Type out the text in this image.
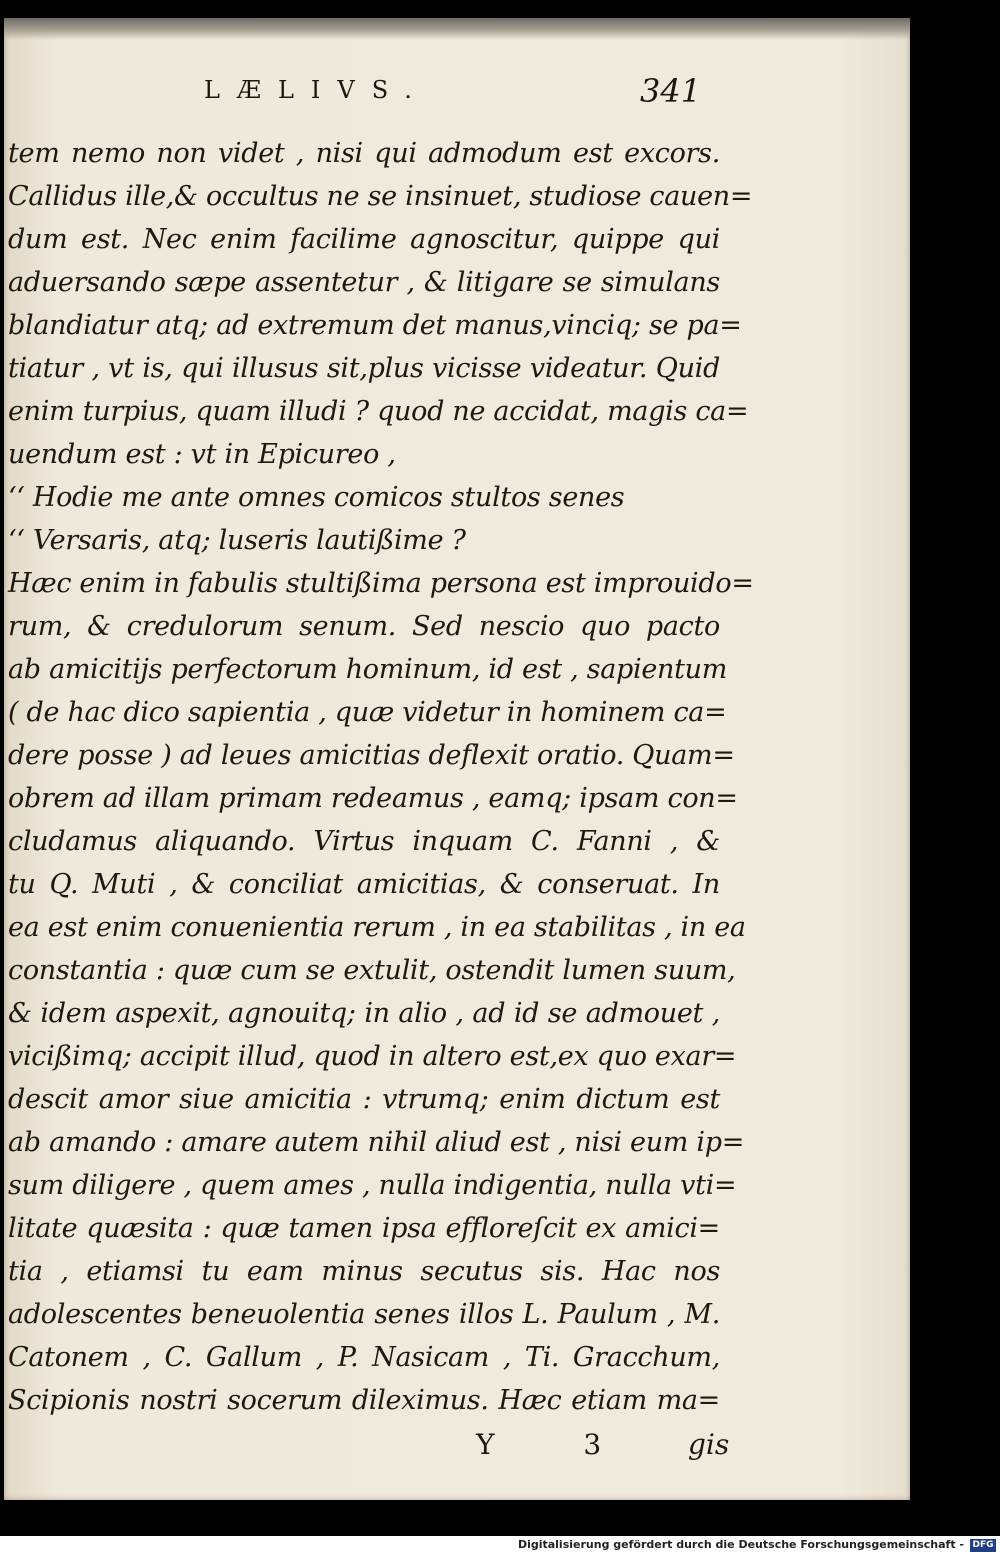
LÆLIVS.	341
tem nemo non videt , nisi qui admodum est excors.
Callidus ille,& occultus ne se insinuet, studiose cauen=
dum est. Nec enim facilime agnoscitur, quippe qui
aduersando sæpe assentetur , & litigare se simulans
blandiatur atq; ad extremum det manus,vinciq; se pa=
tiatur , vt is, qui illusus sit,plus vicisse videatur. Quid
enim turpius, quam illudi ? quod ne accidat, magis ca=
uendum est : vt in Epicureo ,
‘‘ Hodie me ante omnes comicos stultos senes
‘‘ Versaris, atq; luseris lautißime ?
Hæc enim in fabulis stultißima persona est improuido=
rum, & credulorum senum. Sed nescio quo pacto
ab amicitijs perfectorum hominum, id est , sapientum
( de hac dico sapientia , quæ videtur in hominem ca=
dere posse ) ad leues amicitias deflexit oratio. Quam=
obrem ad illam primam redeamus , eamq; ipsam con=
cludamus aliquando. Virtus inquam C. Fanni , &
tu Q. Muti , & conciliat amicitias, & conseruat. In
ea est enim conuenientia rerum , in ea stabilitas , in ea
constantia : quæ cum se extulit, ostendit lumen suum,
& idem aspexit, agnouitq; in alio , ad id se admouet ,
vicißimq; accipit illud, quod in altero est,ex quo exar=
descit amor siue amicitia : vtrumq; enim dictum est
ab amando : amare autem nihil aliud est , nisi eum ip=
sum diligere , quem ames , nulla indigentia, nulla vti=
litate quæsita : quæ tamen ipsa effloreſcit ex amici=
tia , etiamsi tu eam minus secutus sis. Hac nos
adolescentes beneuolentia senes illos L. Paulum , M.
Catonem , C. Gallum , P. Nasicam , Ti. Gracchum,
Scipionis nostri socerum dileximus. Hæc etiam ma=
Y 3 gis
Digitalisierung gefördert durch die Deutsche Forschungsgemeinschaft - DFG
